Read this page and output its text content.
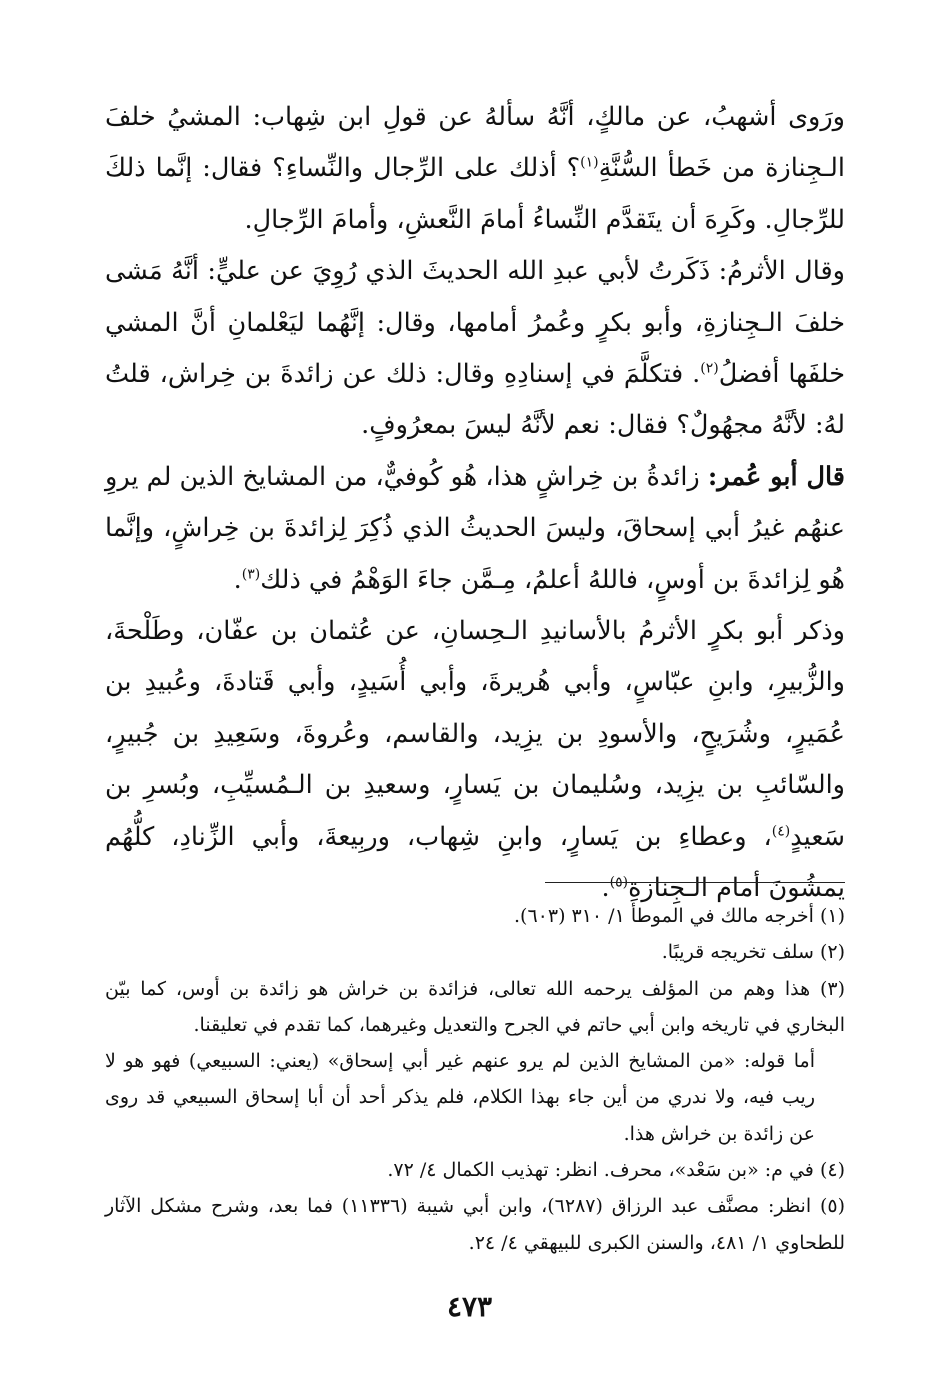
ورَوى أشهبُ، عن مالكٍ، أنَّهُ سألهُ عن قولِ ابن شِهاب: المشيُ خلفَ الـجِنازة من خَطأ السُّنَّةِ$^{(١)}$؟ أذلك على الرِّجال والنِّساءِ؟ فقال: إنَّما ذلكَ للرِّجالِ. وكَرِهَ أن يتَقدَّم النِّساءُ أمامَ النَّعشِ، وأمامَ الرِّجالِ.

وقال الأثرمُ: ذَكَرتُ لأبي عبدِ الله الحديثَ الذي رُوِيَ عن عليٍّ: أنَّهُ مَشى خلفَ الـجِنازةِ، وأبو بكرٍ وعُمرُ أمامها، وقال: إنَّهُما ليَعْلمانِ أنَّ المشي خلفَها أفضلُ$^{(٢)}$. فتكلَّمَ في إسنادِهِ وقال: ذلك عن زائدةَ بن خِراش، قلتُ لهُ: لأنَّهُ مجهُولٌ؟ فقال: نعم لأنَّهُ ليسَ بمعرُوفٍ.

قال أبو عُمر: زائدةُ بن خِراشٍ هذا، هُو كُوفيٌّ، من المشايخ الذين لم يروِ عنهُم غيرُ أبي إسحاقَ، وليسَ الحديثُ الذي ذُكِرَ لِزائدةَ بن خِراشٍ، وإنَّما هُو لِزائدةَ بن أوسٍ، فاللهُ أعلمُ، مِـمَّن جاءَ الوَهْمُ في ذلك$^{(٣)}$.

وذكر أبو بكرٍ الأثرمُ بالأسانيدِ الـحِسانِ، عن عُثمان بن عفّان، وطَلْحةَ، والزُّبيرِ، وابنِ عبّاسٍ، وأبي هُريرةَ، وأبي أُسَيدٍ، وأبي قَتادةَ، وعُبيدِ بن عُمَيرٍ، وشُرَيحٍ، والأسودِ بن يزِيد، والقاسم، وعُروةَ، وسَعِيدِ بن جُبيرٍ، والسّائبِ بن يزِيد، وسُليمان بن يَسارٍ، وسعيدِ بن الـمُسيِّبِ، وبُسرِ بن سَعيدٍ$^{(٤)}$، وعطاءِ بن يَسارٍ، وابنِ شِهاب، وربِيعةَ، وأبي الزِّنادِ، كلُّهُم يمشُونَ أمام الـجِنازةِ$^{(٥)}$.

(١) أخرجه مالك في الموطأ ١/ ٣١٠ (٦٠٣).

(٢) سلف تخريجه قريبًا.

(٣) هذا وهم من المؤلف يرحمه الله تعالى، فزائدة بن خراش هو زائدة بن أوس، كما بيّن البخاري في تاريخه وابن أبي حاتم في الجرح والتعديل وغيرهما، كما تقدم في تعليقنا.

أما قوله: «من المشايخ الذين لم يرو عنهم غير أبي إسحاق» (يعني: السبيعي) فهو هو لا ريب فيه، ولا ندري من أين جاء بهذا الكلام، فلم يذكر أحد أن أبا إسحاق السبيعي قد روى عن زائدة بن خراش هذا.

(٤) في م: «بن سَعْد»، محرف. انظر: تهذيب الكمال ٤/ ٧٢.

(٥) انظر: مصنَّف عبد الرزاق (٦٢٨٧)، وابن أبي شيبة (١١٣٣٦) فما بعد، وشرح مشكل الآثار للطحاوي ١/ ٤٨١، والسنن الكبرى للبيهقي ٤/ ٢٤.

٤٧٣
